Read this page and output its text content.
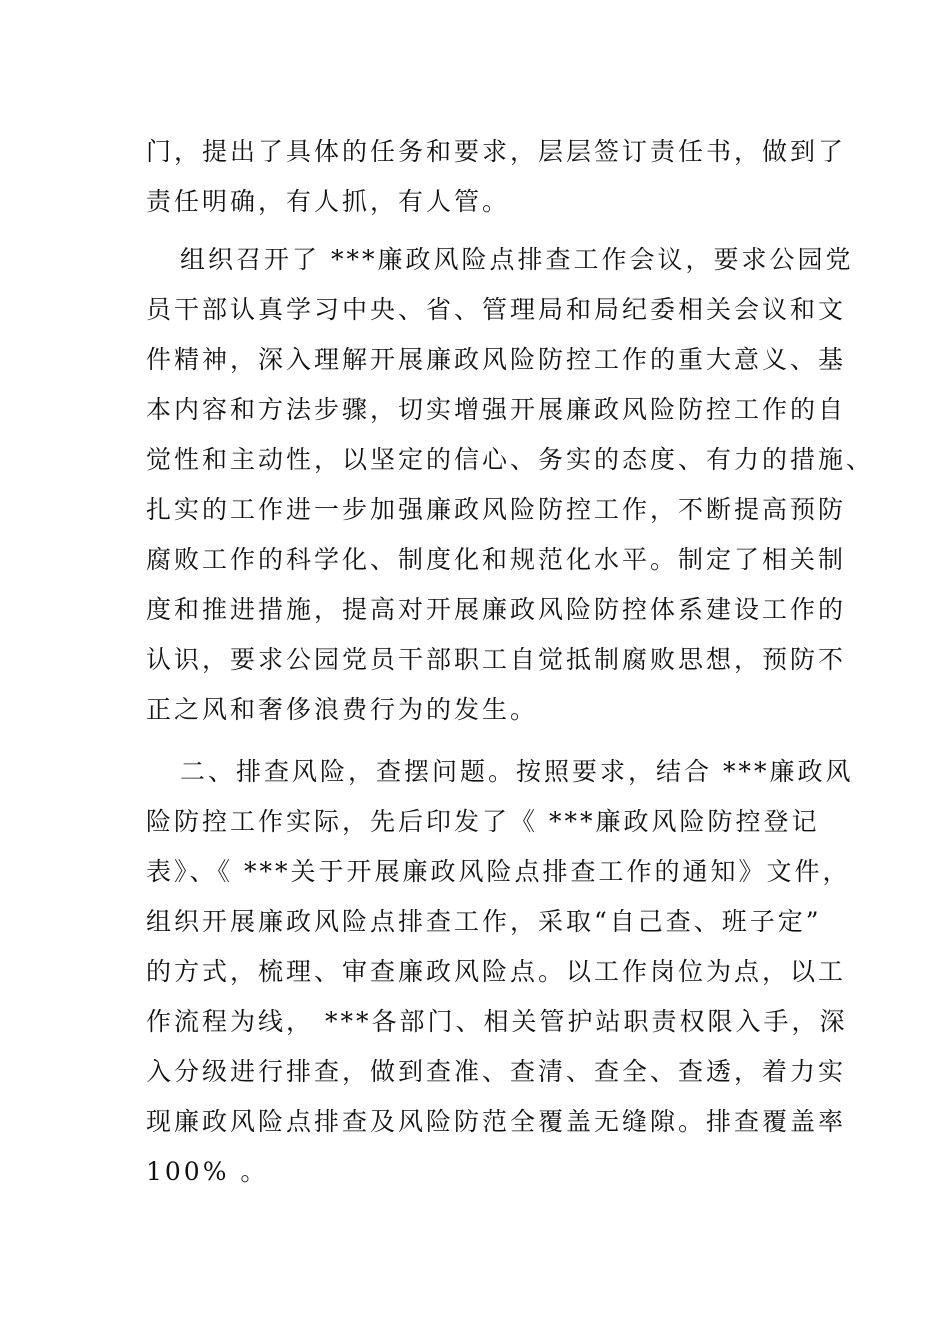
门，提出了具体的任务和要求，层层签订责任书，做到了
责任明确，有人抓，有人管。
组织召开了 ***廉政风险点排查工作会议，要求公园党
员干部认真学习中央、省、管理局和局纪委相关会议和文
件精神，深入理解开展廉政风险防控工作的重大意义、基
本内容和方法步骤，切实增强开展廉政风险防控工作的自
觉性和主动性，以坚定的信心、务实的态度、有力的措施、
扎实的工作进一步加强廉政风险防控工作，不断提高预防
腐败工作的科学化、制度化和规范化水平。制定了相关制
度和推进措施，提高对开展廉政风险防控体系建设工作的
认识，要求公园党员干部职工自觉抵制腐败思想，预防不
正之风和奢侈浪费行为的发生。
二、排查风险，查摆问题。按照要求，结合 ***廉政风
险防控工作实际，先后印发了《 ***廉政风险防控登记
表》、《 ***关于开展廉政风险点排查工作的通知》文件，
组织开展廉政风险点排查工作，采取“自己查、班子定”
的方式，梳理、审查廉政风险点。以工作岗位为点，以工
作流程为线， ***各部门、相关管护站职责权限入手，深
入分级进行排查，做到查准、查清、查全、查透，着力实
现廉政风险点排查及风险防范全覆盖无缝隙。排查覆盖率
100% 。
